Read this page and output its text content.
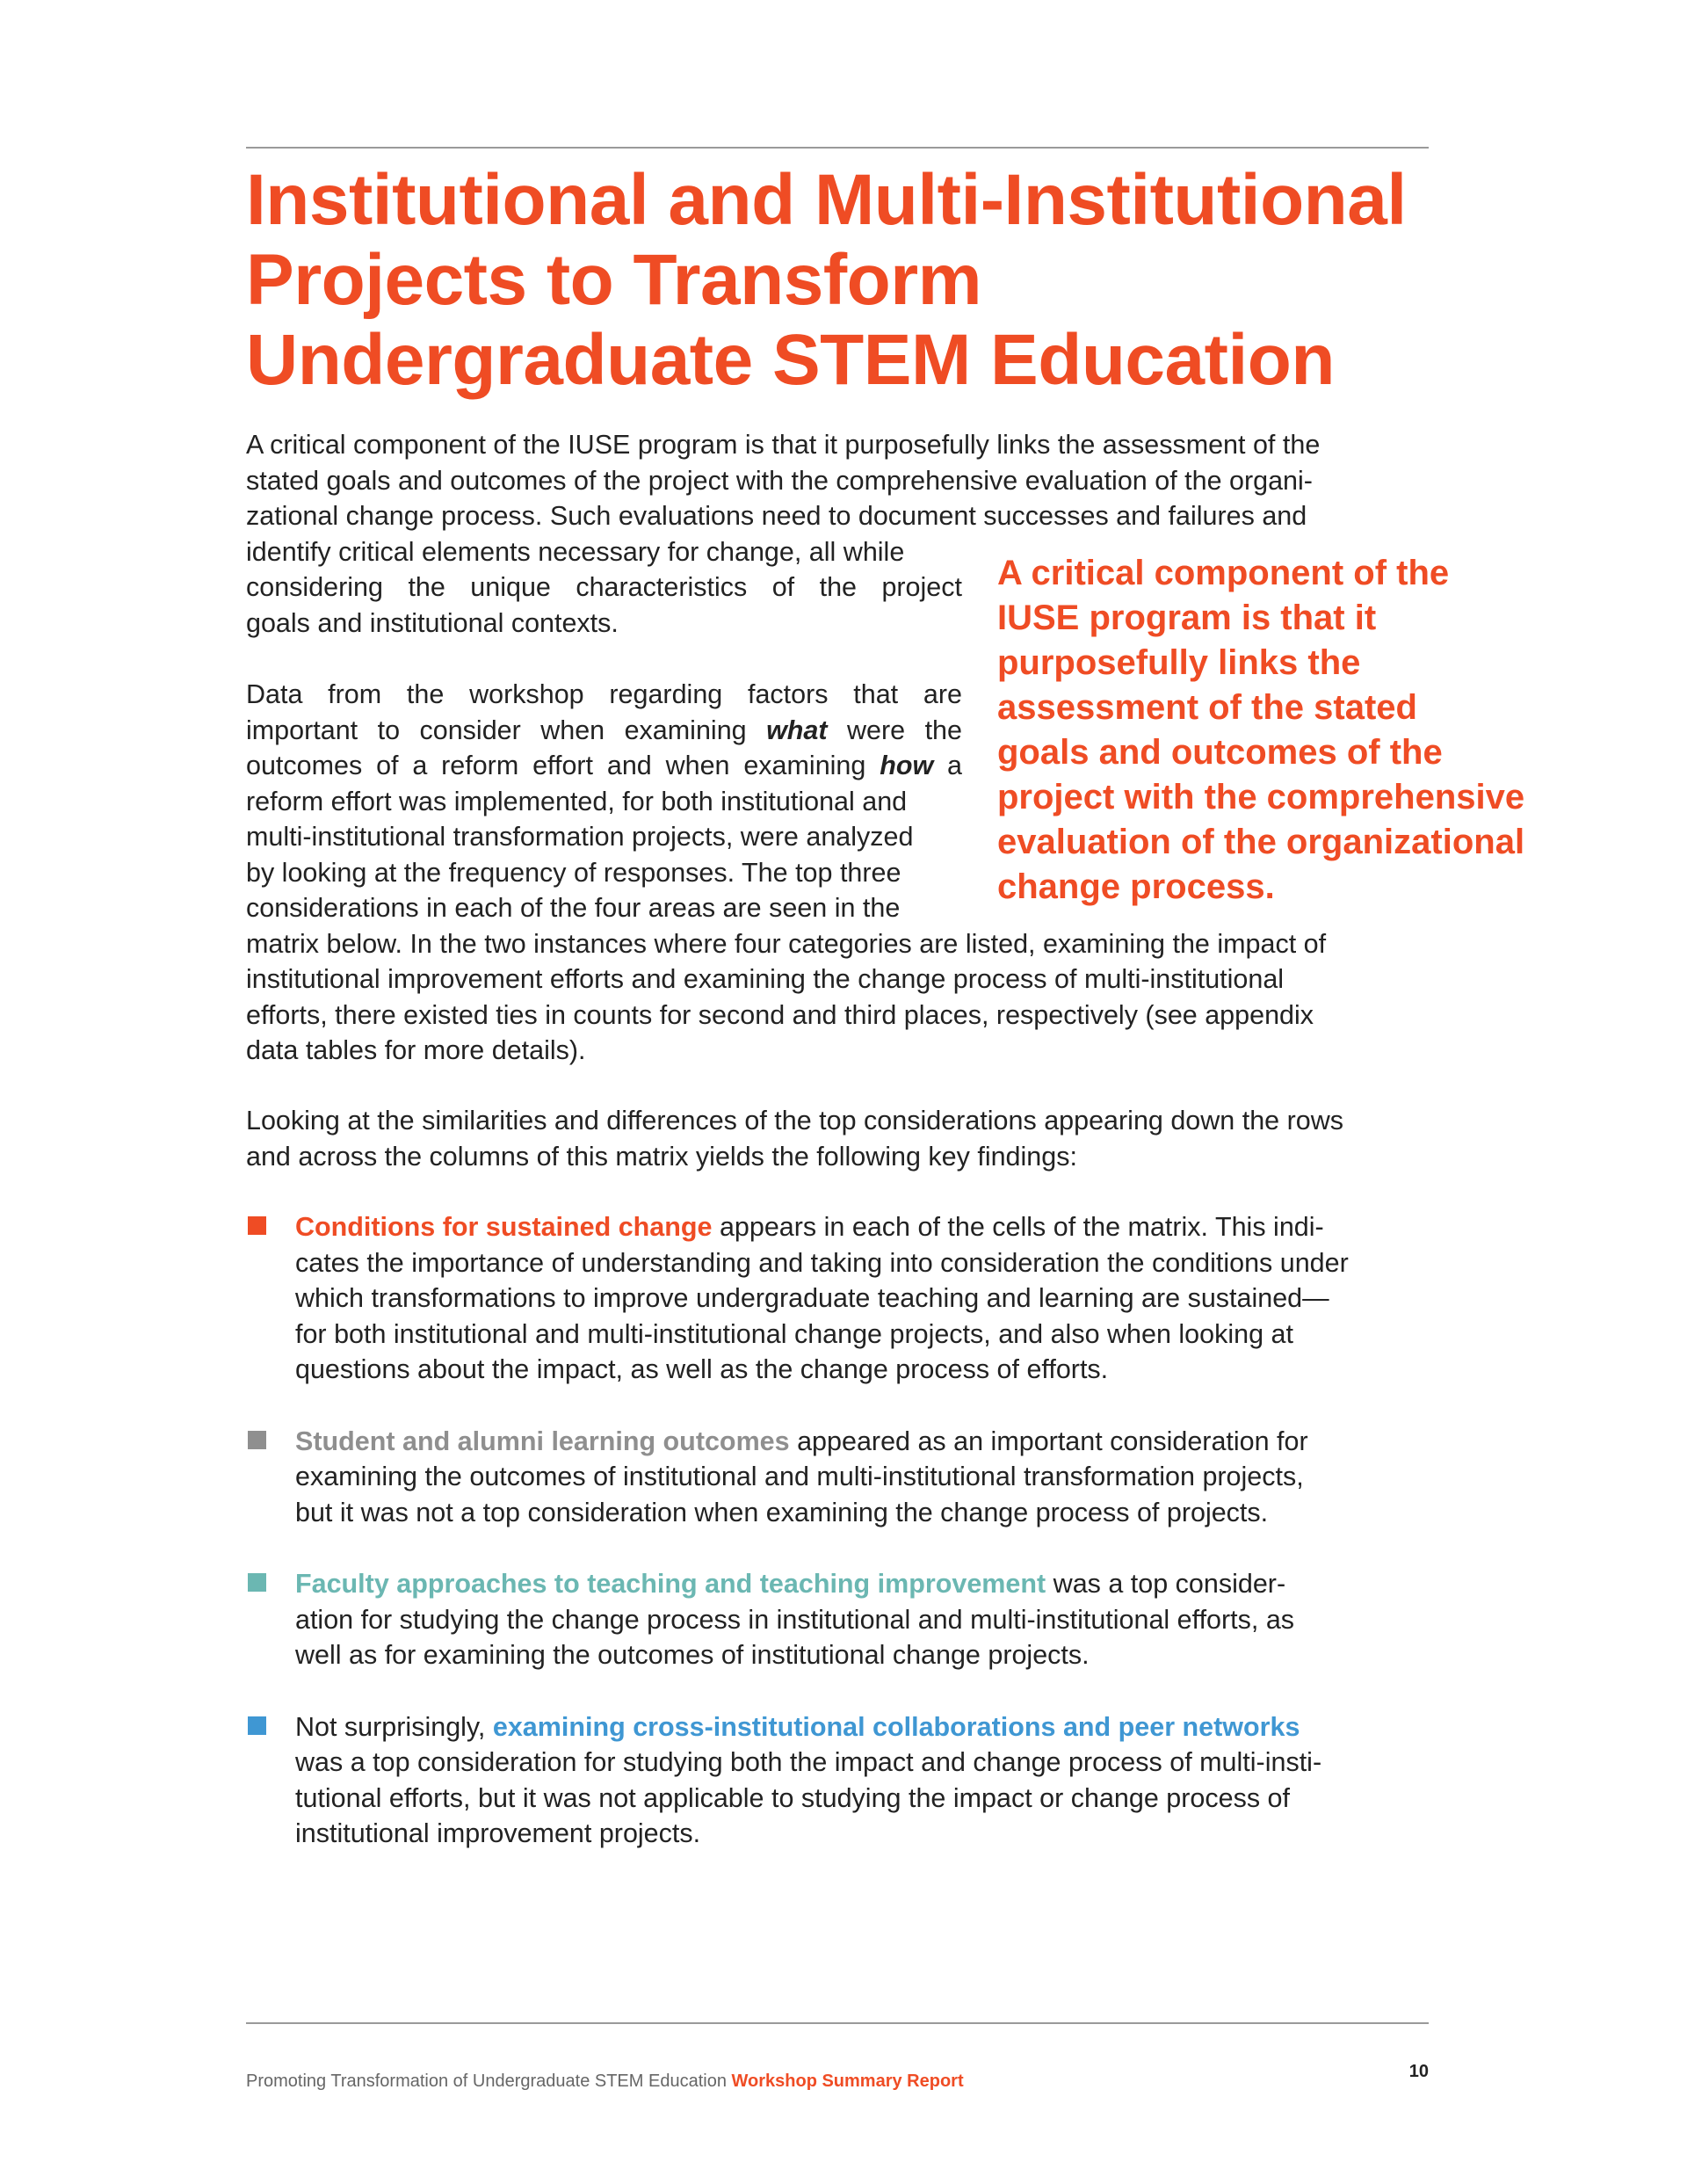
Institutional and Multi-Institutional
Projects to Transform
Undergraduate STEM Education
A critical component of the IUSE program is that it purposefully links the assessment of the
stated goals and outcomes of the project with the comprehensive evaluation of the organi-
zational change process. Such evaluations need to document successes and failures and
identify critical elements necessary for change, all while
considering the unique characteristics of the project
goals and institutional contexts.
Data from the workshop regarding factors that are
important to consider when examining what were the
outcomes of a reform effort and when examining how a
reform effort was implemented, for both institutional and
multi-institutional transformation projects, were analyzed
by looking at the frequency of responses. The top three
considerations in each of the four areas are seen in the
matrix below. In the two instances where four categories are listed, examining the impact of
institutional improvement efforts and examining the change process of multi-institutional
efforts, there existed ties in counts for second and third places, respectively (see appendix
data tables for more details).
A critical component of the
IUSE program is that it
purposefully links the
assessment of the stated
goals and outcomes of the
project with the comprehensive
evaluation of the organizational
change process.
Looking at the similarities and differences of the top considerations appearing down the rows
and across the columns of this matrix yields the following key findings:
Conditions for sustained change appears in each of the cells of the matrix. This indi-
cates the importance of understanding and taking into consideration the conditions under
which transformations to improve undergraduate teaching and learning are sustained—
for both institutional and multi-institutional change projects, and also when looking at
questions about the impact, as well as the change process of efforts.
Student and alumni learning outcomes appeared as an important consideration for
examining the outcomes of institutional and multi-institutional transformation projects,
but it was not a top consideration when examining the change process of projects.
Faculty approaches to teaching and teaching improvement was a top consider-
ation for studying the change process in institutional and multi-institutional efforts, as
well as for examining the outcomes of institutional change projects.
Not surprisingly, examining cross-institutional collaborations and peer networks
was a top consideration for studying both the impact and change process of multi-insti-
tutional efforts, but it was not applicable to studying the impact or change process of
institutional improvement projects.
Promoting Transformation of Undergraduate STEM Education Workshop Summary Report	10
